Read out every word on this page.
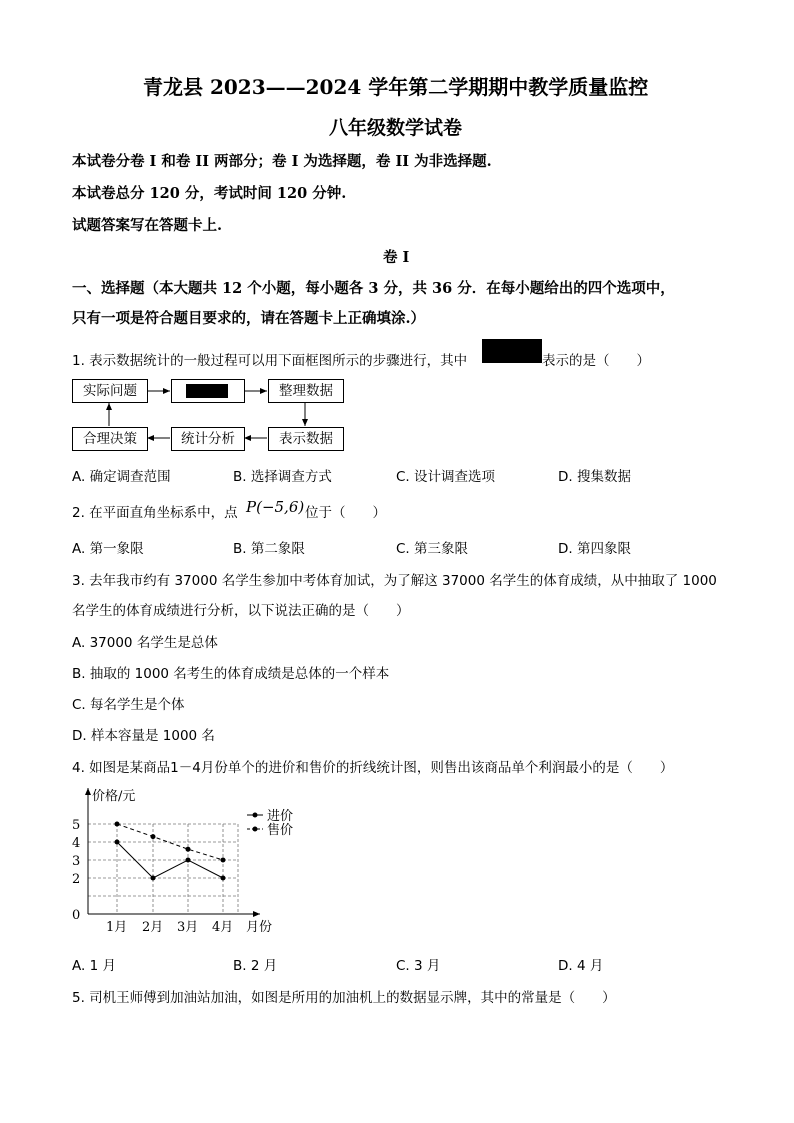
青龙县 2023——2024 学年第二学期期中教学质量监控
八年级数学试卷
本试卷分卷 I 和卷 II 两部分；卷 I 为选择题，卷 II 为非选择题.
本试卷总分 120 分，考试时间 120 分钟.
试题答案写在答题卡上.
卷 I
一、选择题（本大题共 12 个小题，每小题各 3 分，共 36 分．在每小题给出的四个选项中，
只有一项是符合题目要求的，请在答题卡上正确填涂.）
1. 表示数据统计的一般过程可以用下面框图所示的步骤进行，其中	表示的是（　　）
实际问题	整理数据
表示数据
统计分析
合理决策
A. 确定调查范围	B. 选择调查方式	C. 设计调查选项	D. 搜集数据
2. 在平面直角坐标系中，点 P(−5,6) 位于（　　）
A. 第一象限	B. 第二象限	C. 第三象限	D. 第四象限
3. 去年我市约有 37000 名学生参加中考体育加试，为了解这 37000 名学生的体育成绩，从中抽取了 1000
名学生的体育成绩进行分析，以下说法正确的是（　　）
A. 37000 名学生是总体
B. 抽取的 1000 名考生的体育成绩是总体的一个样本
C. 每名学生是个体
D. 样本容量是 1000 名
4. 如图是某商品1－4月份单个的进价和售价的折线统计图，则售出该商品单个利润最小的是（　　）
价格/元
月份
0
2
3
4
5
1月 2月 3月 4月
进价
售价
A. 1 月	B. 2 月	C. 3 月	D. 4 月
5. 司机王师傅到加油站加油，如图是所用的加油机上的数据显示牌，其中的常量是（　　）
